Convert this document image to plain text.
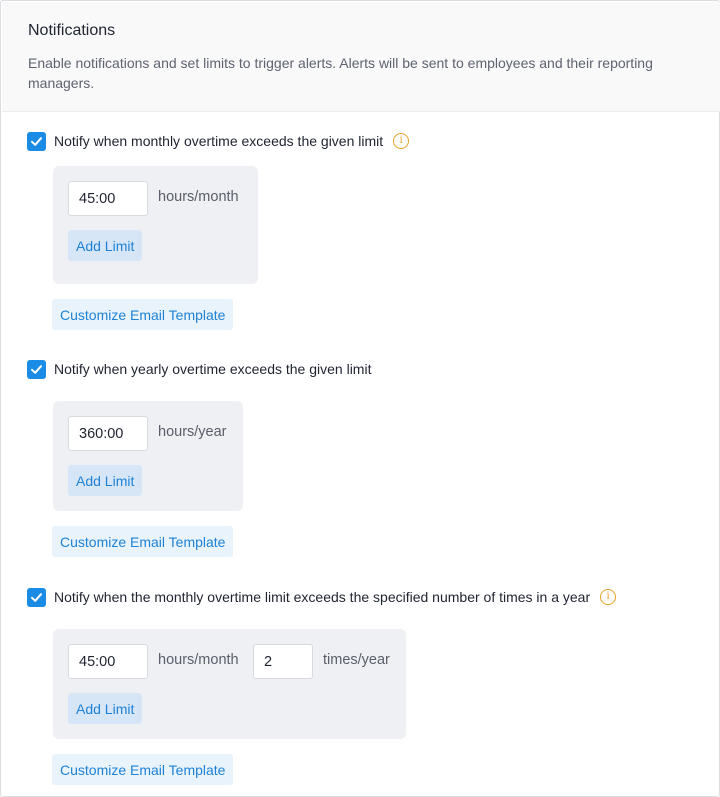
Notifications
Enable notifications and set limits to trigger alerts. Alerts will be sent to employees and their reporting managers.
Notify when monthly overtime exceeds the given limit	i
45:00	hours/month
Add Limit
Customize Email Template
Notify when yearly overtime exceeds the given limit
360:00	hours/year
Add Limit
Customize Email Template
Notify when the monthly overtime limit exceeds the specified number of times in a year	i
45:00	hours/month	2	times/year
Add Limit
Customize Email Template
